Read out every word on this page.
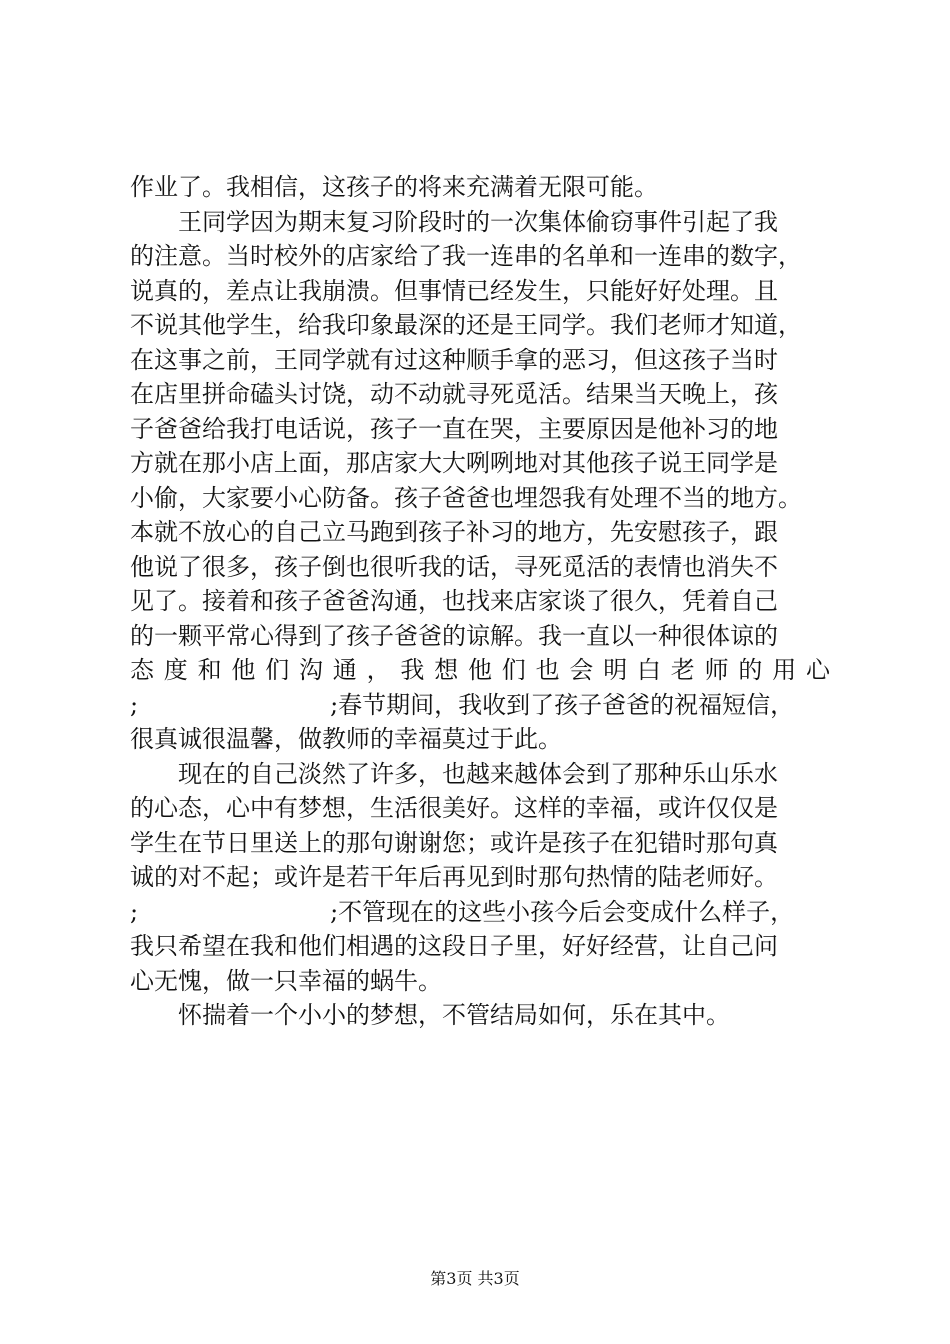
作业了。我相信，这孩子的将来充满着无限可能。
王同学因为期末复习阶段时的一次集体偷窃事件引起了我
的注意。当时校外的店家给了我一连串的名单和一连串的数字，
说真的，差点让我崩溃。但事情已经发生，只能好好处理。且
不说其他学生，给我印象最深的还是王同学。我们老师才知道，
在这事之前，王同学就有过这种顺手拿的恶习，但这孩子当时
在店里拼命磕头讨饶，动不动就寻死觅活。结果当天晚上，孩
子爸爸给我打电话说，孩子一直在哭，主要原因是他补习的地
方就在那小店上面，那店家大大咧咧地对其他孩子说王同学是
小偷，大家要小心防备。孩子爸爸也埋怨我有处理不当的地方。
本就不放心的自己立马跑到孩子补习的地方，先安慰孩子，跟
他说了很多，孩子倒也很听我的话，寻死觅活的表情也消失不
见了。接着和孩子爸爸沟通，也找来店家谈了很久，凭着自己
的一颗平常心得到了孩子爸爸的谅解。我一直以一种很体谅的
态度和他们沟通，我想他们也会明白老师的用心
;　　　　　　　　;春节期间，我收到了孩子爸爸的祝福短信，
很真诚很温馨，做教师的幸福莫过于此。
现在的自己淡然了许多，也越来越体会到了那种乐山乐水
的心态，心中有梦想，生活很美好。这样的幸福，或许仅仅是
学生在节日里送上的那句谢谢您；或许是孩子在犯错时那句真
诚的对不起；或许是若干年后再见到时那句热情的陆老师好。
;　　　　　　　　;不管现在的这些小孩今后会变成什么样子，
我只希望在我和他们相遇的这段日子里，好好经营，让自己问
心无愧，做一只幸福的蜗牛。
怀揣着一个小小的梦想，不管结局如何，乐在其中。
第3页 共3页
